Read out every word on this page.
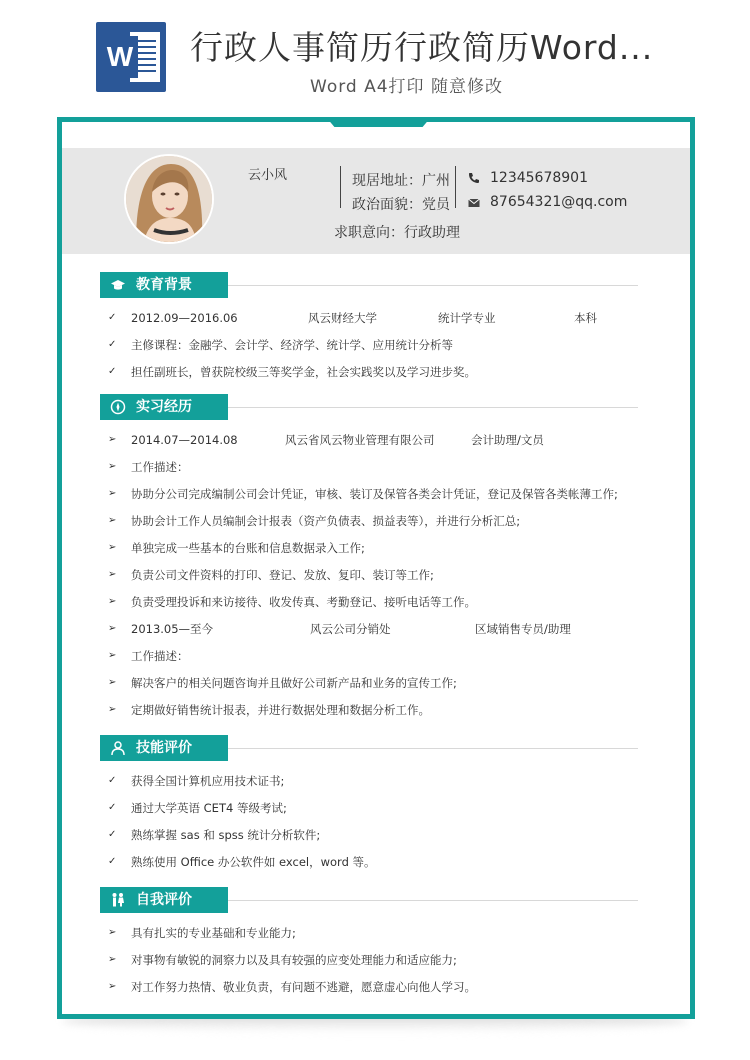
W 行政人事简历行政简历Word...
Word A4打印 随意修改
云小风	现居地址：广州
政治面貌：党员
12345678901
87654321@qq.com
求职意向：行政助理
教育背景
✓	2012.09—2016.06	风云财经大学	统计学专业	本科
✓	主修课程：金融学、会计学、经济学、统计学、应用统计分析等
✓	担任副班长，曾获院校级三等奖学金，社会实践奖以及学习进步奖。
实习经历
➢	2014.07—2014.08	风云省风云物业管理有限公司	会计助理/文员
➢	工作描述：
➢	协助分公司完成编制公司会计凭证，审核、装订及保管各类会计凭证，登记及保管各类帐薄工作;
➢	协助会计工作人员编制会计报表（资产负债表、损益表等），并进行分析汇总;
➢	单独完成一些基本的台账和信息数据录入工作;
➢	负责公司文件资料的打印、登记、发放、复印、装订等工作;
➢	负责受理投诉和来访接待、收发传真、考勤登记、接听电话等工作。
➢	2013.05—至今	风云公司分销处	区域销售专员/助理
➢	工作描述：
➢	解决客户的相关问题咨询并且做好公司新产品和业务的宣传工作;
➢	定期做好销售统计报表，并进行数据处理和数据分析工作。
技能评价
✓	获得全国计算机应用技术证书;
✓	通过大学英语 CET4 等级考试;
✓	熟练掌握 sas 和 spss 统计分析软件;
✓	熟练使用 Office 办公软件如 excel，word 等。
自我评价
➢	具有扎实的专业基础和专业能力;
➢	对事物有敏锐的洞察力以及具有较强的应变处理能力和适应能力;
➢	对工作努力热情、敬业负责，有问题不逃避，愿意虚心向他人学习。
